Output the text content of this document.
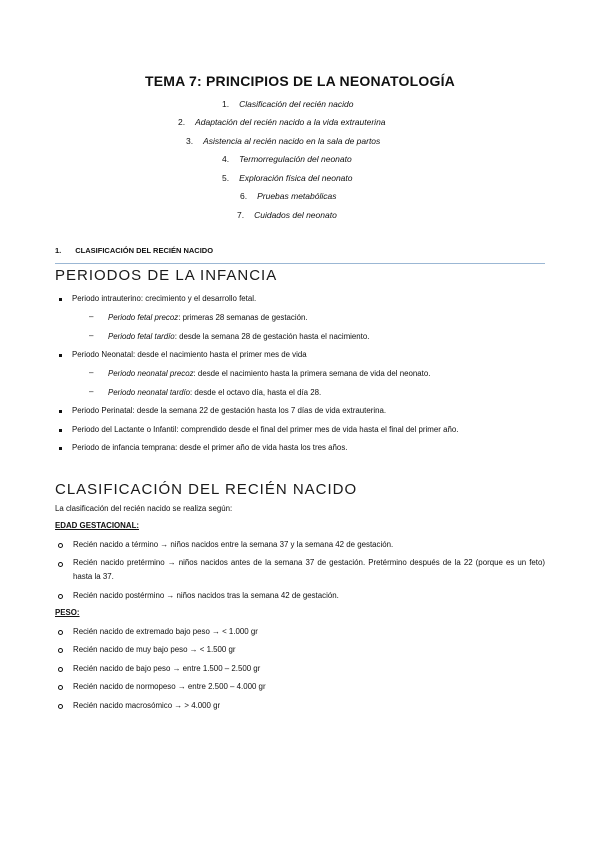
TEMA 7: PRINCIPIOS DE LA NEONATOLOGÍA
1. Clasificación del recién nacido
2. Adaptación del recién nacido a la vida extrauterina
3. Asistencia al recién nacido en la sala de partos
4. Termorregulación del neonato
5. Exploración física del neonato
6. Pruebas metabólicas
7. Cuidados del neonato
1. CLASIFICACIÓN DEL RECIÉN NACIDO
PERIODOS DE LA INFANCIA
Periodo intrauterino: crecimiento y el desarrollo fetal.
– Periodo fetal precoz: primeras 28 semanas de gestación.
– Periodo fetal tardío: desde la semana 28 de gestación hasta el nacimiento.
Periodo Neonatal: desde el nacimiento hasta el primer mes de vida
– Periodo neonatal precoz: desde el nacimiento hasta la primera semana de vida del neonato.
– Periodo neonatal tardío: desde el octavo día, hasta el día 28.
Periodo Perinatal: desde la semana 22 de gestación hasta los 7 días de vida extrauterina.
Periodo del Lactante o Infantil: comprendido desde el final del primer mes de vida hasta el final del primer año.
Periodo de infancia temprana: desde el primer año de vida hasta los tres años.
CLASIFICACIÓN DEL RECIÉN NACIDO
La clasificación del recién nacido se realiza según:
EDAD GESTACIONAL:
Recién nacido a término → niños nacidos entre la semana 37 y la semana 42 de gestación.
Recién nacido pretérmino → niños nacidos antes de la semana 37 de gestación. Pretérmino después de la 22 (porque es un feto) hasta la 37.
Recién nacido postérmino → niños nacidos tras la semana 42 de gestación.
PESO:
Recién nacido de extremado bajo peso → < 1.000 gr
Recién nacido de muy bajo peso → < 1.500 gr
Recién nacido de bajo peso → entre 1.500 – 2.500 gr
Recién nacido de normopeso → entre 2.500 – 4.000 gr
Recién nacido macrosómico → > 4.000 gr
